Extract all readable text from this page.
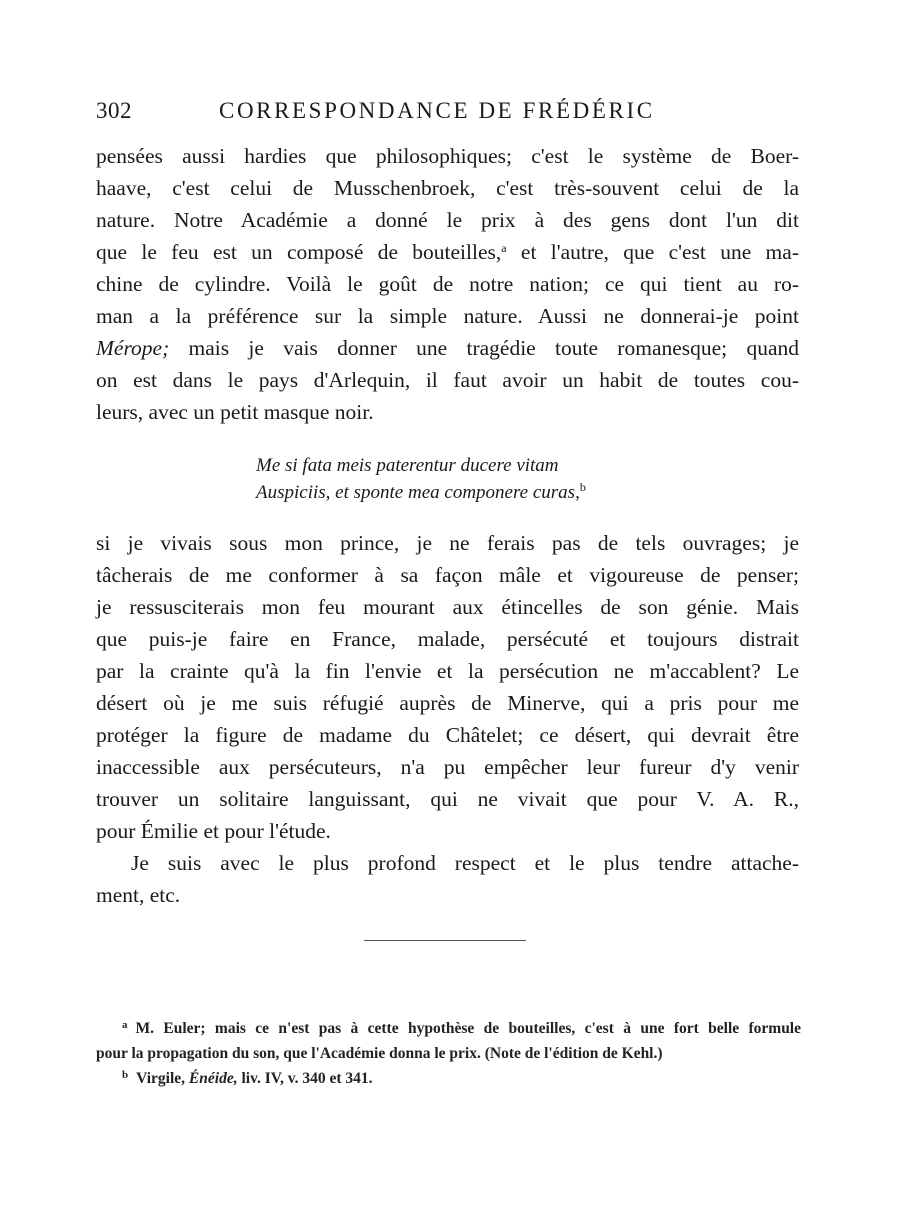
302	CORRESPONDANCE DE FRÉDÉRIC
pensées aussi hardies que philosophiques; c'est le système de Boer-
haave, c'est celui de Musschenbroek, c'est très-souvent celui de la
nature. Notre Académie a donné le prix à des gens dont l'un dit
que le feu est un composé de bouteilles,$^a$ et l'autre, que c'est une ma-
chine de cylindre. Voilà le goût de notre nation; ce qui tient au ro-
man a la préférence sur la simple nature. Aussi ne donnerai-je point
Mérope; mais je vais donner une tragédie toute romanesque; quand
on est dans le pays d'Arlequin, il faut avoir un habit de toutes cou-
leurs, avec un petit masque noir.
Me si fata meis paterentur ducere vitam
Auspiciis, et sponte mea componere curas,$^b$
si je vivais sous mon prince, je ne ferais pas de tels ouvrages; je
tâcherais de me conformer à sa façon mâle et vigoureuse de penser;
je ressusciterais mon feu mourant aux étincelles de son génie. Mais
que puis-je faire en France, malade, persécuté et toujours distrait
par la crainte qu'à la fin l'envie et la persécution ne m'accablent? Le
désert où je me suis réfugié auprès de Minerve, qui a pris pour me
protéger la figure de madame du Châtelet; ce désert, qui devrait être
inaccessible aux persécuteurs, n'a pu empêcher leur fureur d'y venir
trouver un solitaire languissant, qui ne vivait que pour V. A. R.,
pour Émilie et pour l'étude.
Je suis avec le plus profond respect et le plus tendre attache-
ment, etc.
$^a$ M. Euler; mais ce n'est pas à cette hypothèse de bouteilles, c'est à une fort belle formule
pour la propagation du son, que l'Académie donna le prix. (Note de l'édition de Kehl.)
$^b$ Virgile, Énéide, liv. IV, v. 340 et 341.
